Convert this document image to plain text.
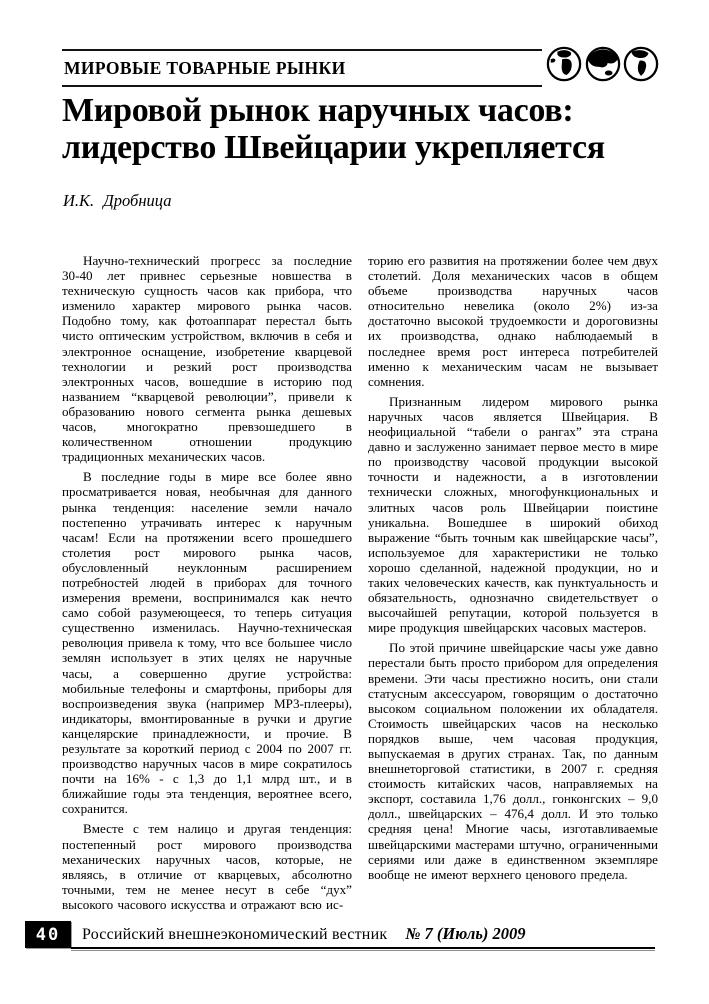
МИРОВЫЕ ТОВАРНЫЕ РЫНКИ
Мировой рынок наручных часов:
лидерство Швейцарии укрепляется
И.К. Дробница

Научно-технический прогресс за последние 30-40 лет привнес серьезные новшества в техническую сущность часов как прибора, что изменило характер мирового рынка часов. Подобно тому, как фотоаппарат перестал быть чисто оптическим устройством, включив в себя и электронное оснащение, изобретение кварцевой технологии и резкий рост производства электронных часов, вошедшие в историю под названием “кварцевой революции”, привели к образованию нового сегмента рынка дешевых часов, многократно превзошедшего в количественном отношении продукцию традиционных механических часов.

В последние годы в мире все более явно просматривается новая, необычная для данного рынка тенденция: население земли начало постепенно утрачивать интерес к наручным часам! Если на протяжении всего прошедшего столетия рост мирового рынка часов, обусловленный неуклонным расширением потребностей людей в приборах для точного измерения времени, воспринимался как нечто само собой разумеющееся, то теперь ситуация существенно изменилась. Научно-техническая революция привела к тому, что все большее число землян использует в этих целях не наручные часы, а совершенно другие устройства: мобильные телефоны и смартфоны, приборы для воспроизведения звука (например МР3-плееры), индикаторы, вмонтированные в ручки и другие канцелярские принадлежности, и прочие. В результате за короткий период с 2004 по 2007 гг. производство наручных часов в мире сократилось почти на 16% - с 1,3 до 1,1 млрд шт., и в ближайшие годы эта тенденция, вероятнее всего, сохранится.

Вместе с тем налицо и другая тенденция: постепенный рост мирового производства механических наручных часов, которые, не являясь, в отличие от кварцевых, абсолютно точными, тем не менее несут в себе “дух” высокого часового искусства и отражают всю ис-

торию его развития на протяжении более чем двух столетий. Доля механических часов в общем объеме производства наручных часов относительно невелика (около 2%) из-за достаточно высокой трудоемкости и дороговизны их производства, однако наблюдаемый в последнее время рост интереса потребителей именно к механическим часам не вызывает сомнения.

Признанным лидером мирового рынка наручных часов является Швейцария. В неофициальной “табели о рангах” эта страна давно и заслуженно занимает первое место в мире по производству часовой продукции высокой точности и надежности, а в изготовлении технически сложных, многофункциональных и элитных часов роль Швейцарии поистине уникальна. Вошедшее в широкий обиход выражение “быть точным как швейцарские часы”, используемое для характеристики не только хорошо сделанной, надежной продукции, но и таких человеческих качеств, как пунктуальность и обязательность, однозначно свидетельствует о высочайшей репутации, которой пользуется в мире продукция швейцарских часовых мастеров.

По этой причине швейцарские часы уже давно перестали быть просто прибором для определения времени. Эти часы престижно носить, они стали статусным аксессуаром, говорящим о достаточно высоком социальном положении их обладателя. Стоимость швейцарских часов на несколько порядков выше, чем часовая продукция, выпускаемая в других странах. Так, по данным внешнеторговой статистики, в 2007 г. средняя стоимость китайских часов, направляемых на экспорт, составила 1,76 долл., гонконгских – 9,0 долл., швейцарских – 476,4 долл. И это только средняя цена! Многие часы, изготавливаемые швейцарскими мастерами штучно, ограниченными сериями или даже в единственном экземпляре вообще не имеют верхнего ценового предела.

40	Российский внешнеэкономический вестник № 7 (Июль) 2009
